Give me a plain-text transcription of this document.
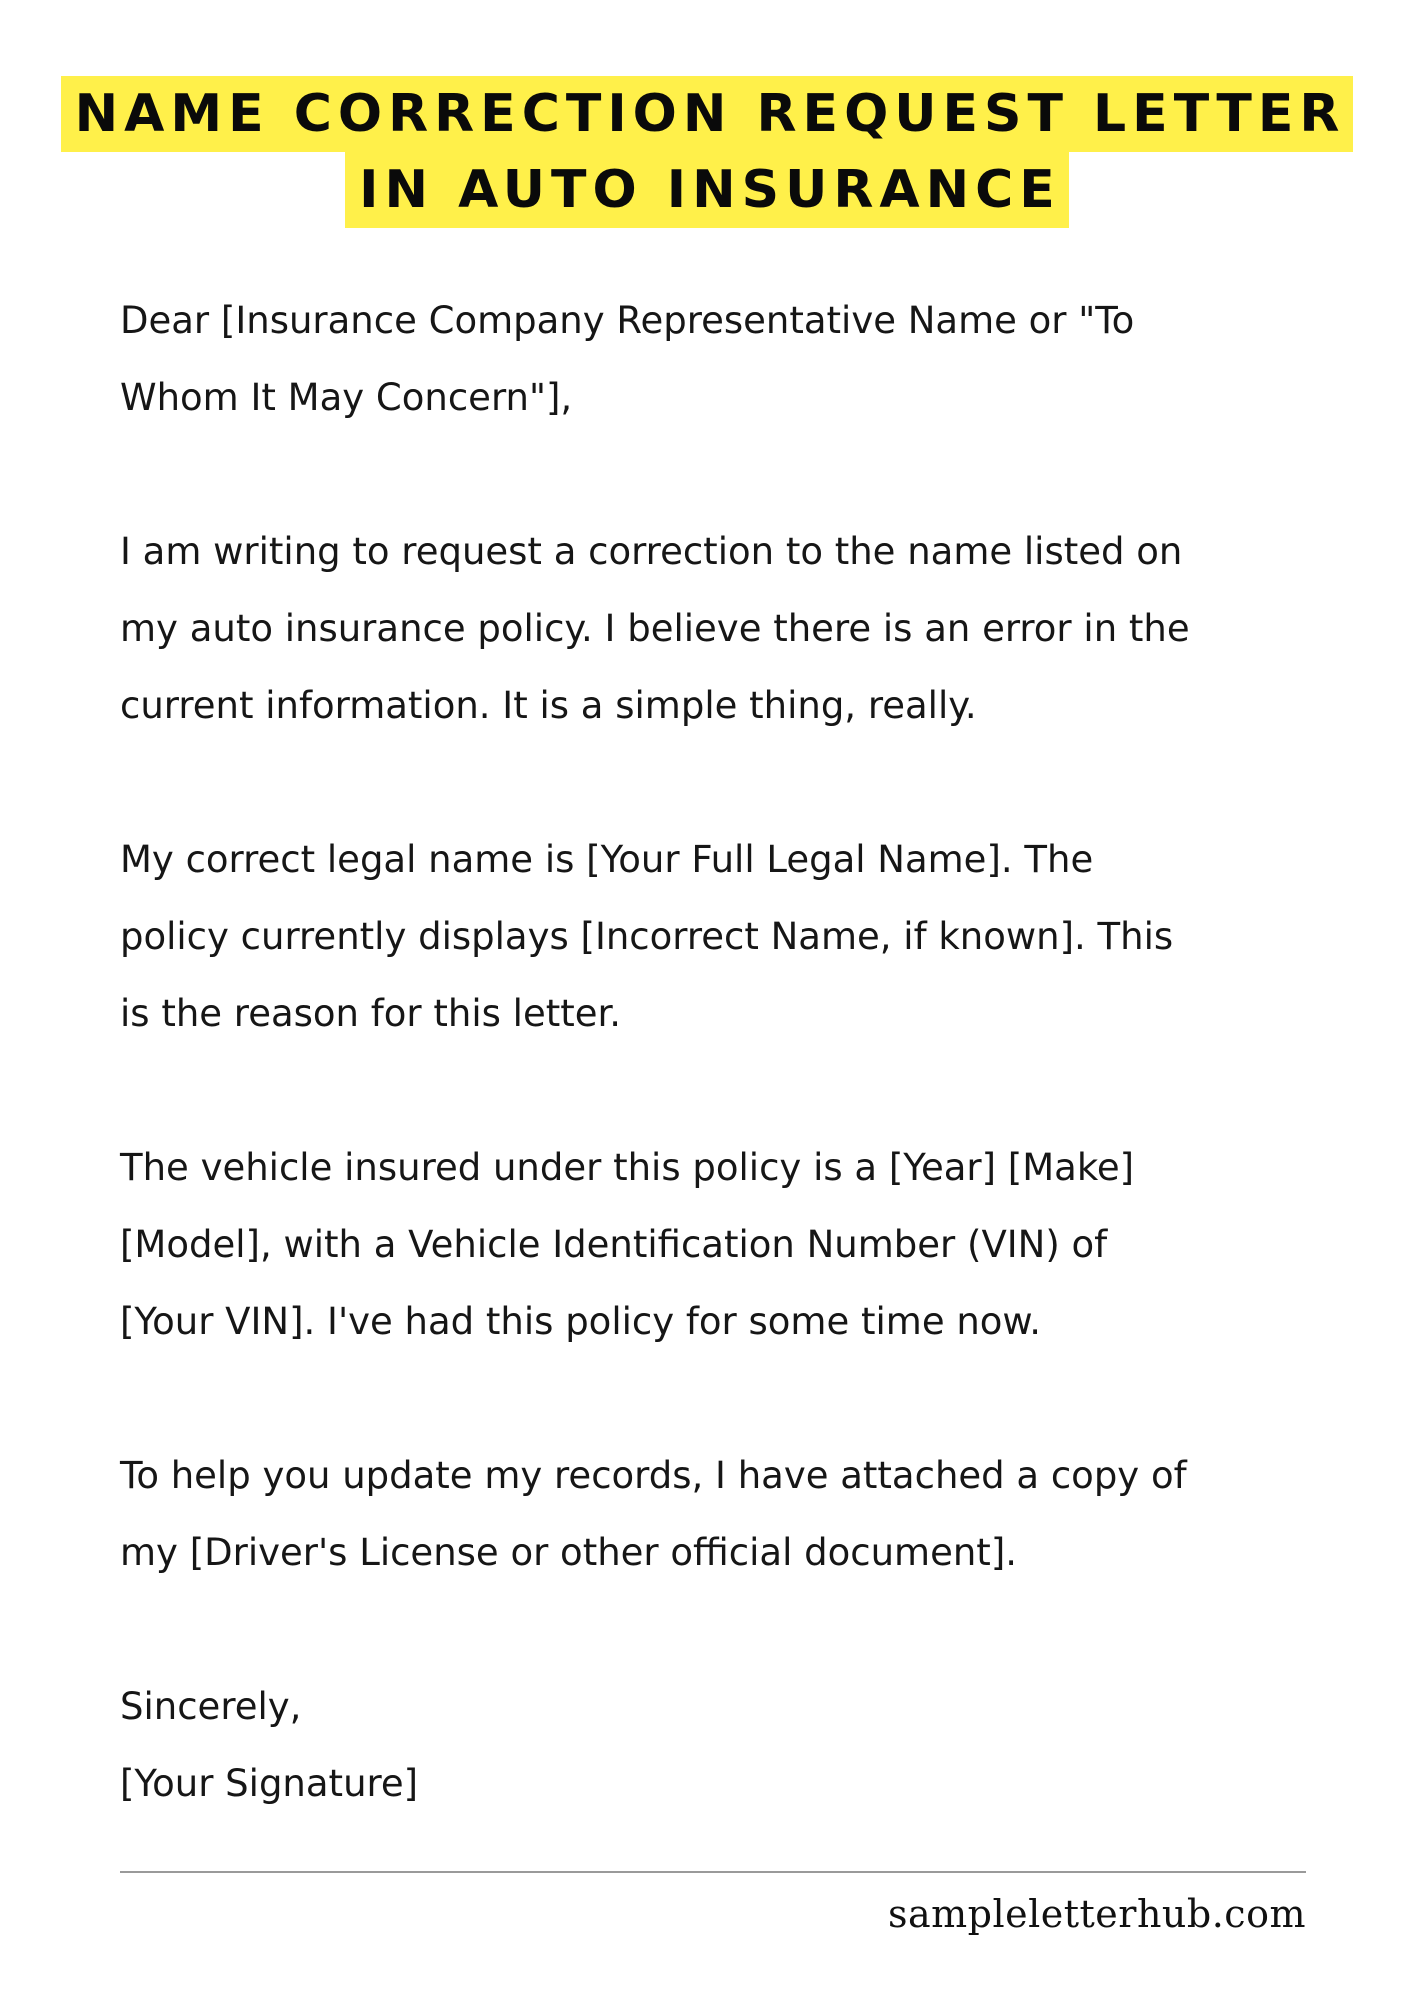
NAME CORRECTION REQUEST LETTER
IN AUTO INSURANCE
Dear [Insurance Company Representative Name or "To
Whom It May Concern"],
I am writing to request a correction to the name listed on
my auto insurance policy. I believe there is an error in the
current information. It is a simple thing, really.
My correct legal name is [Your Full Legal Name]. The
policy currently displays [Incorrect Name, if known]. This
is the reason for this letter.
The vehicle insured under this policy is a [Year] [Make]
[Model], with a Vehicle Identification Number (VIN) of
[Your VIN]. I've had this policy for some time now.
To help you update my records, I have attached a copy of
my [Driver's License or other official document].
Sincerely,
[Your Signature]
sampleletterhub.com
